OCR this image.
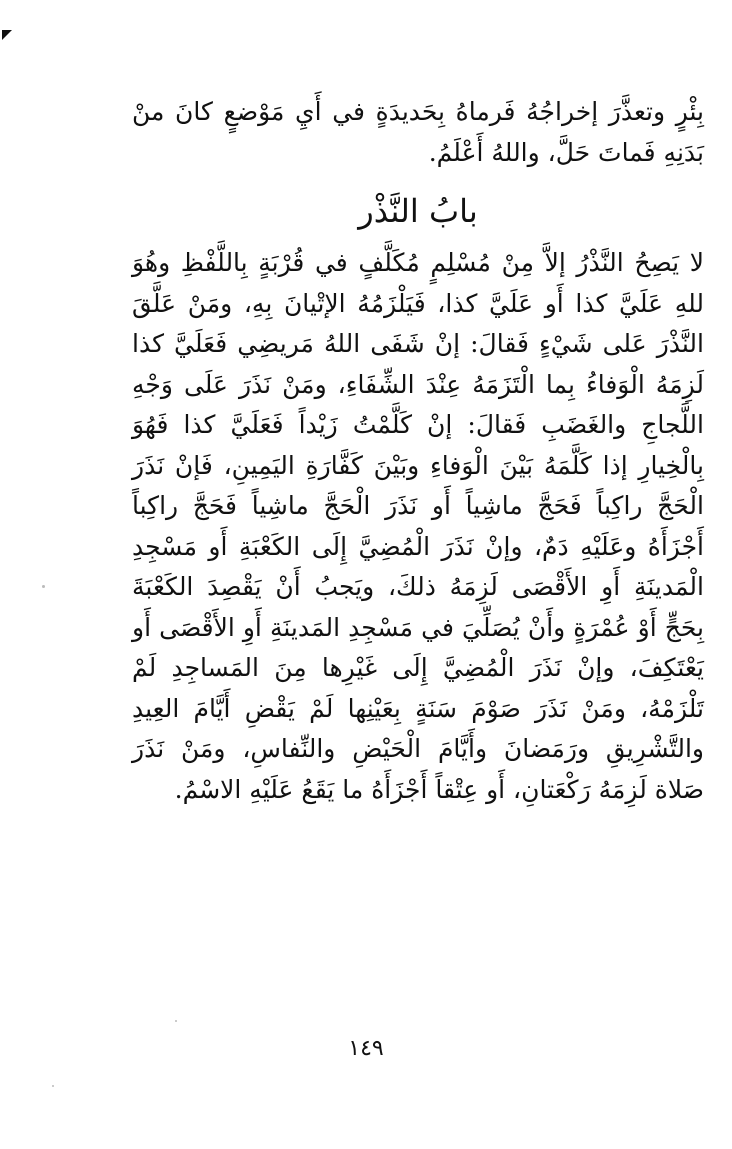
بِئْرٍ وتعذَّرَ إخراجُهُ فَرماهُ بِحَديدَةٍ في أَيِ مَوْضعٍ كانَ منْ بَدَنِهِ فَماتَ حَلَّ، واللهُ أَعْلَمُ.

بابُ النَّذْر

لا يَصِحُ النَّذْرُ إلاَّ مِنْ مُسْلِمٍ مُكَلَّفٍ في قُرْبَةٍ بِاللَّفْظِ وهُوَ للهِ عَلَيَّ كذا أَو عَلَيَّ كذا، فَيَلْزَمُهُ الإتْيانَ بِهِ، ومَنْ عَلَّقَ النَّذْرَ عَلى شَيْءٍ فَقالَ: إنْ شَفَى اللهُ مَريضِي فَعَلَيَّ كذا لَزِمَهُ الْوَفاءُ بِما الْتَزَمَهُ عِنْدَ الشِّفَاءِ، ومَنْ نَذَرَ عَلَى وَجْهِ اللَّجاجِ والغَضَبِ فَقالَ: إنْ كَلَّمْتُ زَيْداً فَعَلَيَّ كذا فَهُوَ بِالْخِيارِ إذا كَلَّمَهُ بَيْنَ الْوَفاءِ وبَيْنَ كَفَّارَةِ اليَمِينِ، فَإنْ نَذَرَ الْحَجَّ راكِباً فَحَجَّ ماشِياً أَو نَذَرَ الْحَجَّ ماشِياً فَحَجَّ راكِباً أَجْزَأَهُ وعَلَيْهِ دَمٌ، وإنْ نَذَرَ الْمُضِيَّ إِلَى الكَعْبَةِ أَو مَسْجِدِ الْمَدينَةِ أَوِ الأَقْصَى لَزِمَهُ ذلكَ، ويَجبُ أَنْ يَقْصِدَ الكَعْبَةَ بِحَجٍّ أَوْ عُمْرَةٍ وأَنْ يُصَلِّيَ في مَسْجِدِ المَدينَةِ أَوِ الأَقْصَى أَو يَعْتَكِفَ، وإنْ نَذَرَ الْمُضِيَّ إِلَى غَيْرِها مِنَ المَساجِدِ لَمْ تَلْزَمْهُ، ومَنْ نَذَرَ صَوْمَ سَنَةٍ بِعَيْنِها لَمْ يَقْضِ أَيَّامَ العِيدِ والتَّشْرِيقِ ورَمَضانَ وأَيَّامَ الْحَيْضِ والنِّفاسِ، ومَنْ نَذَرَ صَلاة لَزِمَهُ رَكْعَتانِ، أَو عِتْقاً أَجْزَأَهُ ما يَقَعُ عَلَيْهِ الاسْمُ.

١٤٩
